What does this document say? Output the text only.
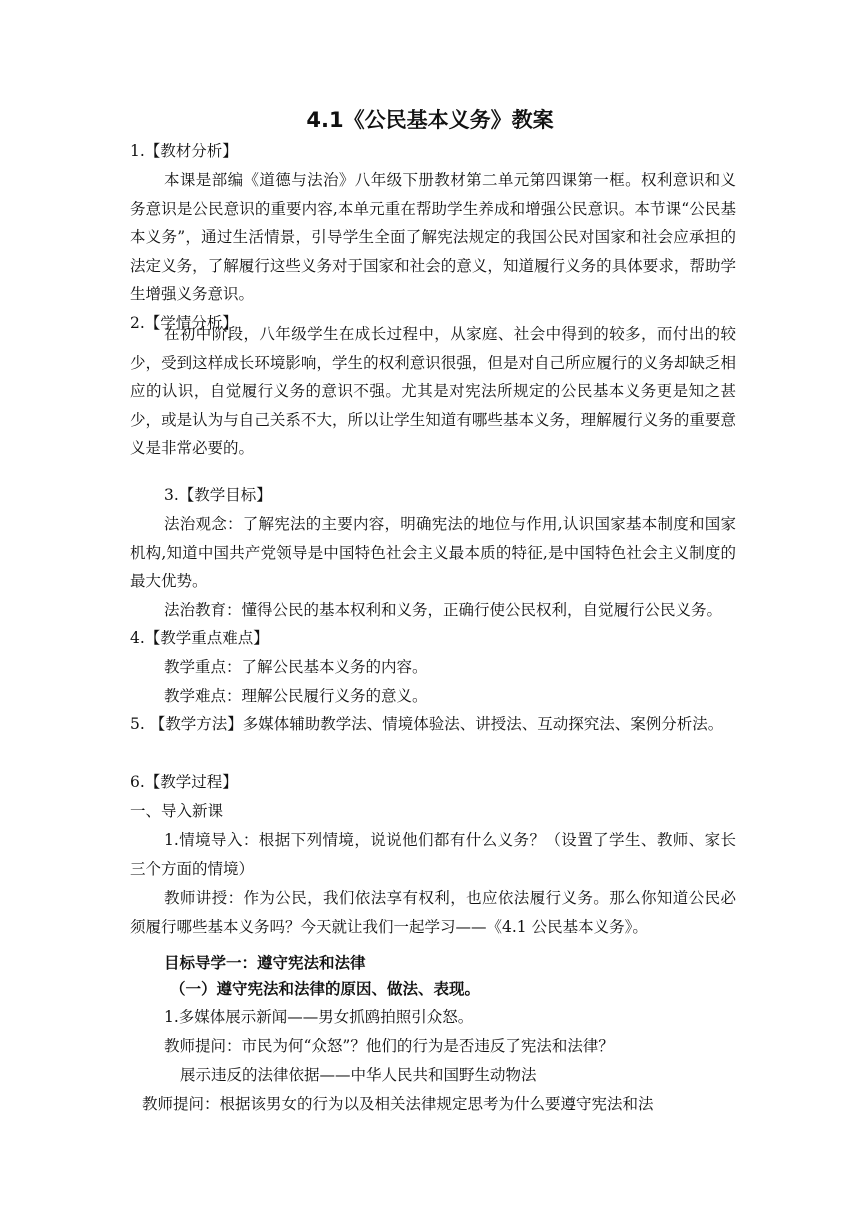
4.1《公民基本义务》教案
1.【教材分析】
本课是部编《道德与法治》八年级下册教材第二单元第四课第一框。权利意识和义务意识是公民意识的重要内容,本单元重在帮助学生养成和增强公民意识。本节课“公民基本义务”，通过生活情景，引导学生全面了解宪法规定的我国公民对国家和社会应承担的法定义务，了解履行这些义务对于国家和社会的意义，知道履行义务的具体要求，帮助学生增强义务意识。
2.【学情分析】
在初中阶段，八年级学生在成长过程中，从家庭、社会中得到的较多，而付出的较少，受到这样成长环境影响，学生的权利意识很强，但是对自己所应履行的义务却缺乏相应的认识，自觉履行义务的意识不强。尤其是对宪法所规定的公民基本义务更是知之甚少，或是认为与自己关系不大，所以让学生知道有哪些基本义务，理解履行义务的重要意义是非常必要的。
3.【教学目标】
法治观念：了解宪法的主要内容，明确宪法的地位与作用,认识国家基本制度和国家机构,知道中国共产党领导是中国特色社会主义最本质的特征,是中国特色社会主义制度的最大优势。
法治教育：懂得公民的基本权利和义务，正确行使公民权利，自觉履行公民义务。
4.【教学重点难点】
教学重点：了解公民基本义务的内容。
教学难点：理解公民履行义务的意义。
5. 【教学方法】多媒体辅助教学法、情境体验法、讲授法、互动探究法、案例分析法。
6.【教学过程】
一、导入新课
1.情境导入：根据下列情境，说说他们都有什么义务？（设置了学生、教师、家长三个方面的情境）
教师讲授：作为公民，我们依法享有权利，也应依法履行义务。那么你知道公民必须履行哪些基本义务吗？今天就让我们一起学习——《4.1 公民基本义务》。
目标导学一：遵守宪法和法律
（一）遵守宪法和法律的原因、做法、表现。
1.多媒体展示新闻——男女抓鸥拍照引众怒。
教师提问：市民为何“众怒”？他们的行为是否违反了宪法和法律？
展示违反的法律依据——中华人民共和国野生动物法
教师提问：根据该男女的行为以及相关法律规定思考为什么要遵守宪法和法
